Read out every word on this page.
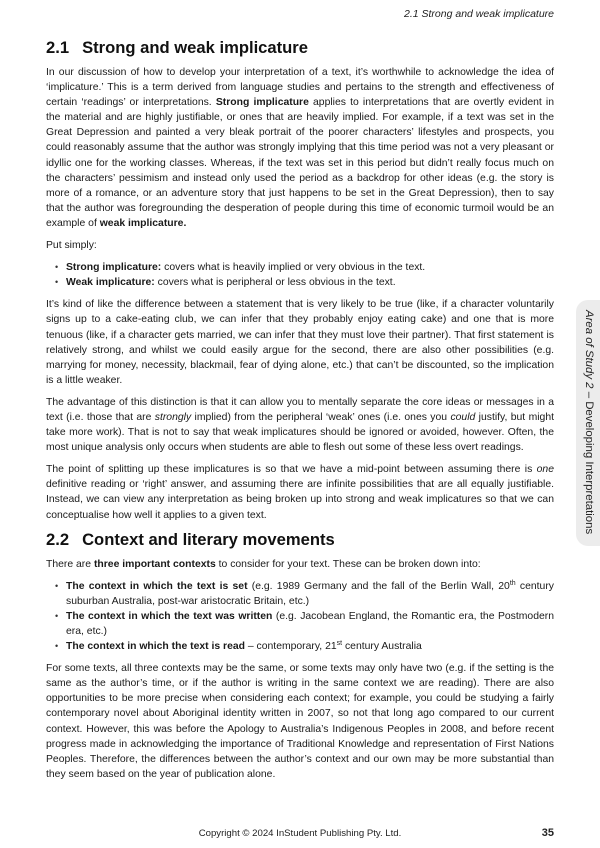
2.1 Strong and weak implicature
Area of Study 2 – Developing Interpretations
2.1 Strong and weak implicature

In our discussion of how to develop your interpretation of a text, it’s worthwhile to acknowledge the idea of ‘implicature.’ This is a term derived from language studies and pertains to the strength and effectiveness of certain ‘readings’ or interpretations. Strong implicature applies to interpretations that are overtly evident in the material and are highly justifiable, or ones that are heavily implied. For example, if a text was set in the Great Depression and painted a very bleak portrait of the poorer characters’ lifestyles and prospects, you could reasonably assume that the author was strongly implying that this time period was not a very pleasant or idyllic one for the working classes. Whereas, if the text was set in this period but didn’t really focus much on the characters’ pessimism and instead only used the period as a backdrop for other ideas (e.g. the story is more of a romance, or an adventure story that just happens to be set in the Great Depression), then to say that the author was foregrounding the desperation of people during this time of economic turmoil would be an example of weak implicature.

Put simply:

• Strong implicature: covers what is heavily implied or very obvious in the text.
• Weak implicature: covers what is peripheral or less obvious in the text.

It’s kind of like the difference between a statement that is very likely to be true (like, if a character voluntarily signs up to a cake-eating club, we can infer that they probably enjoy eating cake) and one that is more tenuous (like, if a character gets married, we can infer that they must love their partner). That first statement is relatively strong, and whilst we could easily argue for the second, there are also other possibilities (e.g. marrying for money, necessity, blackmail, fear of dying alone, etc.) that can’t be discounted, so the implication is a little weaker.

The advantage of this distinction is that it can allow you to mentally separate the core ideas or messages in a text (i.e. those that are strongly implied) from the peripheral ‘weak’ ones (i.e. ones you could justify, but might take more work). That is not to say that weak implicatures should be ignored or avoided, however. Often, the most unique analysis only occurs when students are able to flesh out some of these less overt readings.

The point of splitting up these implicatures is so that we have a mid-point between assuming there is one definitive reading or ‘right’ answer, and assuming there are infinite possibilities that are all equally justifiable. Instead, we can view any interpretation as being broken up into strong and weak implicatures so that we can conceptualise how well it applies to a given text.

2.2 Context and literary movements

There are three important contexts to consider for your text. These can be broken down into:

• The context in which the text is set (e.g. 1989 Germany and the fall of the Berlin Wall, 20th century suburban Australia, post-war aristocratic Britain, etc.)
• The context in which the text was written (e.g. Jacobean England, the Romantic era, the Postmodern era, etc.)
• The context in which the text is read – contemporary, 21st century Australia

For some texts, all three contexts may be the same, or some texts may only have two (e.g. if the setting is the same as the author’s time, or if the author is writing in the same context we are reading). There are also opportunities to be more precise when considering each context; for example, you could be studying a fairly contemporary novel about Aboriginal identity written in 2007, so not that long ago compared to our current context. However, this was before the Apology to Australia’s Indigenous Peoples in 2008, and before recent progress made in acknowledging the importance of Traditional Knowledge and representation of First Nations Peoples. Therefore, the differences between the author’s context and our own may be more substantial than they seem based on the year of publication alone.

Copyright © 2024 InStudent Publishing Pty. Ltd.	35
